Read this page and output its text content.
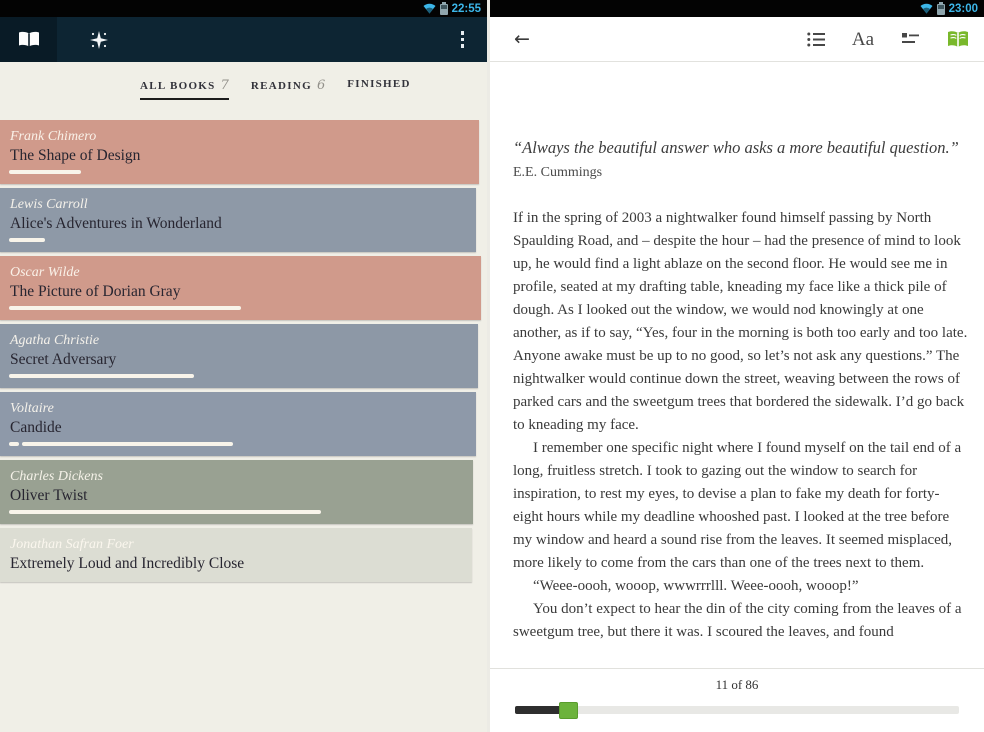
22:55
ALL BOOKS 7 READING 6 FINISHED
Frank Chimero
The Shape of Design
Lewis Carroll
Alice's Adventures in Wonderland
Oscar Wilde
The Picture of Dorian Gray
Agatha Christie
Secret Adversary
Voltaire
Candide
Charles Dickens
Oliver Twist
Jonathan Safran Foer
Extremely Loud and Incredibly Close
23:00
←	Aa
“Always the beautiful answer who asks a more beautiful question.”
E.E. Cummings

If in the spring of 2003 a nightwalker found himself passing by North Spaulding Road, and – despite the hour – had the presence of mind to look up, he would find a light ablaze on the second floor. He would see me in profile, seated at my drafting table, kneading my face like a thick pile of dough. As I looked out the window, we would nod knowingly at one another, as if to say, “Yes, four in the morning is both too early and too late. Anyone awake must be up to no good, so let’s not ask any questions.” The nightwalker would continue down the street, weaving between the rows of parked cars and the sweetgum trees that bordered the sidewalk. I’d go back to kneading my face.

I remember one specific night where I found myself on the tail end of a long, fruitless stretch. I took to gazing out the window to search for inspiration, to rest my eyes, to devise a plan to fake my death for forty-eight hours while my deadline whooshed past. I looked at the tree before my window and heard a sound rise from the leaves. It seemed misplaced, more likely to come from the cars than one of the trees next to them.

“Weee-oooh, wooop, wwwrrrlll. Weee-oooh, wooop!”

You don’t expect to hear the din of the city coming from the leaves of a sweetgum tree, but there it was. I scoured the leaves, and found

11 of 86
